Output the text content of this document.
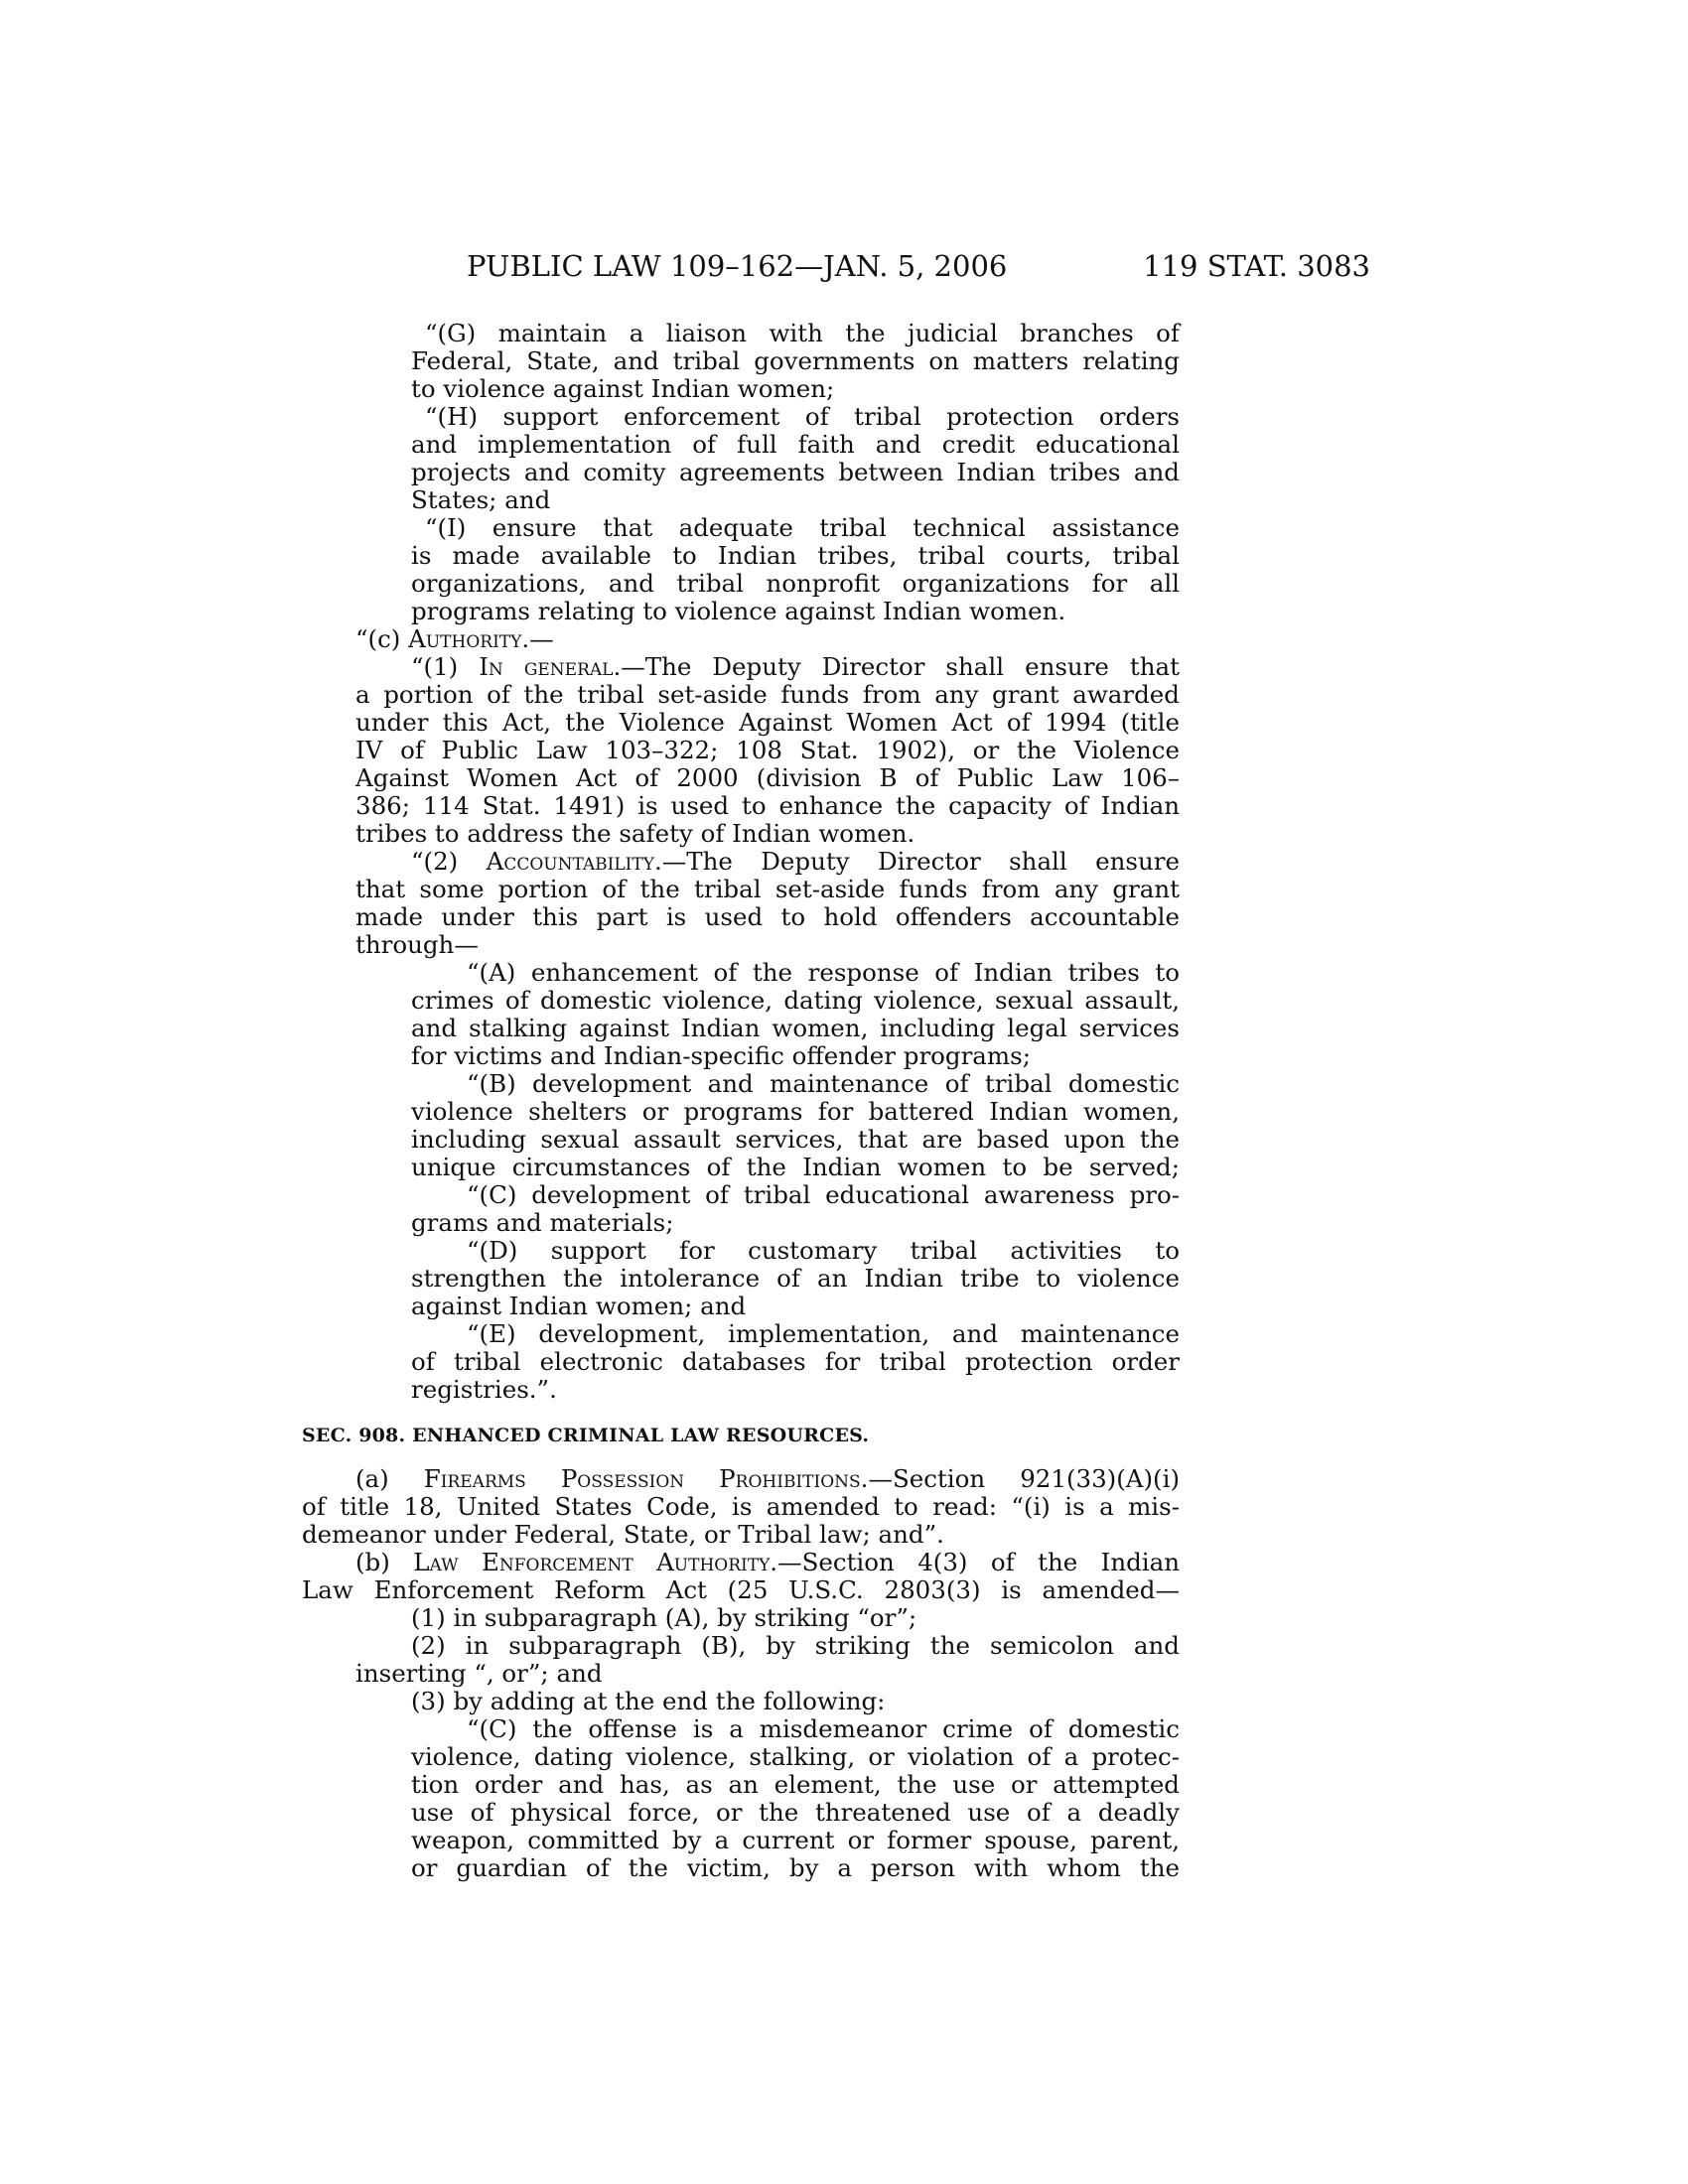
PUBLIC LAW 109–162—JAN. 5, 2006	119 STAT. 3083
“(G) maintain a liaison with the judicial branches of
Federal, State, and tribal governments on matters relating
to violence against Indian women;
“(H) support enforcement of tribal protection orders
and implementation of full faith and credit educational
projects and comity agreements between Indian tribes and
States; and
“(I) ensure that adequate tribal technical assistance
is made available to Indian tribes, tribal courts, tribal
organizations, and tribal nonprofit organizations for all
programs relating to violence against Indian women.
“(c) Authority.—
“(1) In general.—The Deputy Director shall ensure that
a portion of the tribal set-aside funds from any grant awarded
under this Act, the Violence Against Women Act of 1994 (title
IV of Public Law 103–322; 108 Stat. 1902), or the Violence
Against Women Act of 2000 (division B of Public Law 106–
386; 114 Stat. 1491) is used to enhance the capacity of Indian
tribes to address the safety of Indian women.
“(2) Accountability.—The Deputy Director shall ensure
that some portion of the tribal set-aside funds from any grant
made under this part is used to hold offenders accountable
through—
“(A) enhancement of the response of Indian tribes to
crimes of domestic violence, dating violence, sexual assault,
and stalking against Indian women, including legal services
for victims and Indian-specific offender programs;
“(B) development and maintenance of tribal domestic
violence shelters or programs for battered Indian women,
including sexual assault services, that are based upon the
unique circumstances of the Indian women to be served;
“(C) development of tribal educational awareness pro-
grams and materials;
“(D) support for customary tribal activities to
strengthen the intolerance of an Indian tribe to violence
against Indian women; and
“(E) development, implementation, and maintenance
of tribal electronic databases for tribal protection order
registries.”.
SEC. 908. ENHANCED CRIMINAL LAW RESOURCES.
(a) Firearms Possession Prohibitions.—Section 921(33)(A)(i)
of title 18, United States Code, is amended to read: “(i) is a mis-
demeanor under Federal, State, or Tribal law; and”.
(b) Law Enforcement Authority.—Section 4(3) of the Indian
Law Enforcement Reform Act (25 U.S.C. 2803(3) is amended—
(1) in subparagraph (A), by striking “or”;
(2) in subparagraph (B), by striking the semicolon and
inserting “, or”; and
(3) by adding at the end the following:
“(C) the offense is a misdemeanor crime of domestic
violence, dating violence, stalking, or violation of a protec-
tion order and has, as an element, the use or attempted
use of physical force, or the threatened use of a deadly
weapon, committed by a current or former spouse, parent,
or guardian of the victim, by a person with whom the
